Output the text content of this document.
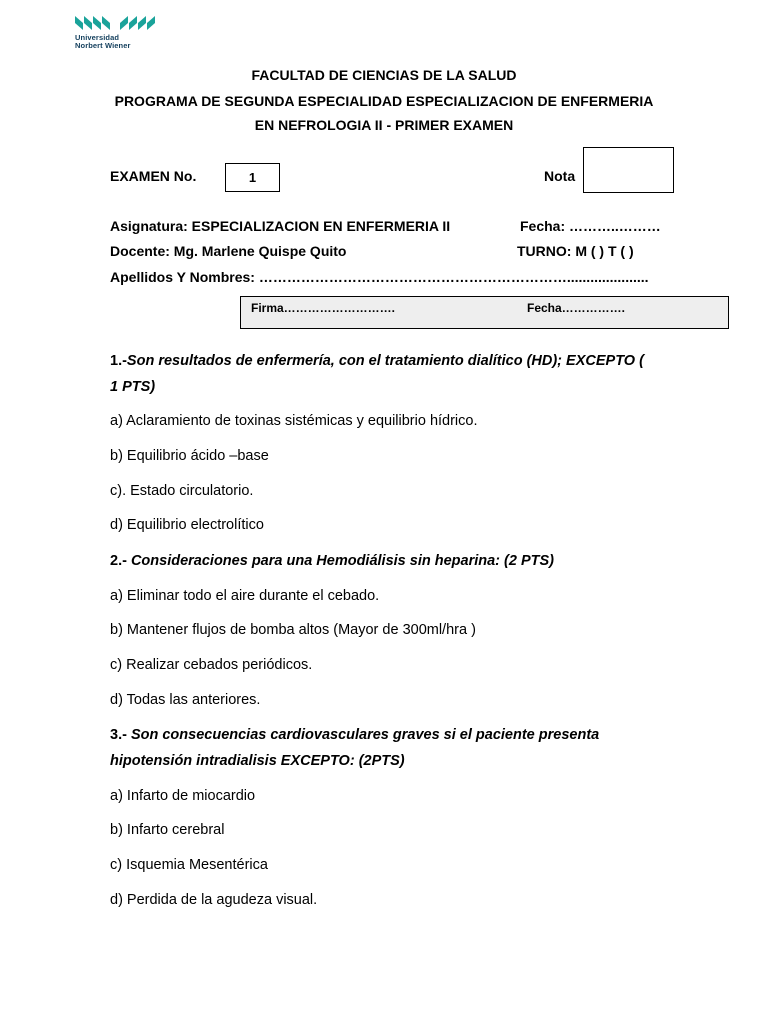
Universidad
Norbert Wiener
FACULTAD DE CIENCIAS DE LA SALUD
PROGRAMA DE SEGUNDA ESPECIALIDAD ESPECIALIZACION DE ENFERMERIA
EN NEFROLOGIA II - PRIMER EXAMEN
EXAMEN No.	1	Nota
Asignatura: ESPECIALIZACION EN ENFERMERIA II	Fecha: ………..………
Docente: Mg. Marlene Quispe Quito	TURNO: M ( ) T ( )
Apellidos Y Nombres: ………………………………………………………….....................
Firma……………………….	Fecha…………….
1.-Son resultados de enfermería, con el tratamiento dialítico (HD); EXCEPTO (
1 PTS)
a) Aclaramiento de toxinas sistémicas y equilibrio hídrico.
b) Equilibrio ácido –base
c). Estado circulatorio.
d) Equilibrio electrolítico
2.- Consideraciones para una Hemodiálisis sin heparina: (2 PTS)
a) Eliminar todo el aire durante el cebado.
b) Mantener flujos de bomba altos (Mayor de 300ml/hra )
c) Realizar cebados periódicos.
d) Todas las anteriores.
3.- Son consecuencias cardiovasculares graves si el paciente presenta
hipotensión intradialisis EXCEPTO: (2PTS)
a) Infarto de miocardio
b) Infarto cerebral
c) Isquemia Mesentérica
d) Perdida de la agudeza visual.
